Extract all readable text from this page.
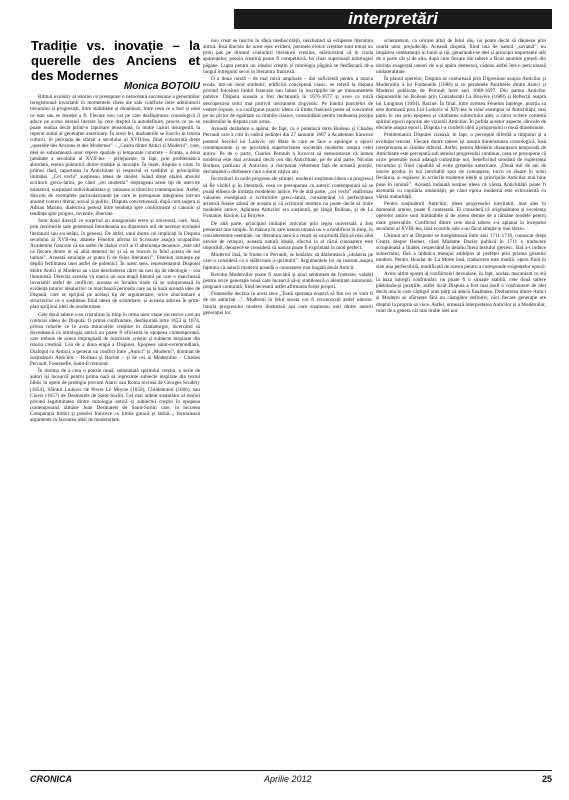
interpretări
Tradiție vs. inovație – la querelle des Anciens et des Modernes
Monica BOȚOIU

Ritmul evolutiv al istoriei ce presupune o neîncetată succesiune a generațiilor înregistrează invariabil în momentele cheie ale sale conflicte între admiratorii trecutului și progresiști, între stabilitate și dinamism, între ceea ce a fost și ceea ce este sau se dorește a fi. Fiecare nou val pe care desfășurarea cronologică îl aduce pe scena istoriei literare își cere dreptul la autodefinire, proces ce nu se poate realiza decât printr-o raportare tensionată, în multe cazuri insurgentă, la reperul stabil al generației anterioare. În acest fel, dezbaterile se înscriu în istoria culturii, în perioada de sfârșit a secolului al XVII-lea, fiind consacrată drept „querelle des Anciens et des Modernes” – „Cearta dintre Antici și Moderni”, care, deși se subsumează unor repere spațiale și temporale concrete – Franța, a doua jumătate a secolului al XVII-lea – prilejuiește, în fapt, prin problematica abordată, eterna polemică dintre tradiție și inovație. În mare, disputa a vizat, în primul rând, raportarea la Antichitate și respectul ei tradiției și principiilor imitației. „Cei vechi” susțineau ideea de model, luând drept etalon absolut scriitorii greco-latini, pe când „cei moderni” respingeau acest tip de aservire mimetică, susținând individualitatea și valoarea scriitorilor contemporani. Astfel, dincolo de exemplele particularizante pe care le presupune integrarea într-un anumit context literar, social și politic, Disputa concretizează, după cum sugera și Adrian Marino, dialectica perenă între tendința spre conformism și canonic și tendința spre progres, inventie, libertate.

Sunt două direcții ce surprind un antagonism etern și universal, care, însă, prin resorturile sale generează întotdeauna un dinamism util de necesar evoluției literaturii sau societății, în general. De altfel, unul dintre cei implicați în Disputa secolului al XVII-lea, abatele Fénelon afirma în Scrisoare asupra ocupațiilor Academiei franceze că un astfel de război civil ar fi alternanța deoarece „este util ca fiecare dintre ei să aibă temeiul lor și să se bucure în felul acesta de noi lumini”. Această emulație ar putea fi de folos literaturii”. Fénelon intuiește pe deplin fertilitatea unei astfel de polemici. În acest sens, reprezentantul Disputei dintre Antici și Moderni au vizat deschiderea către un nou tip de ideologie – cea iluministă. Direcția aceasta va marca un nou etapă literară pe care o marchează invariabil astfel de conflicte, aceasta se încadra tinde că se soluționează în evidența tuturor idealurilor ce marchează perioada care au la bază această idee de Dispută, care se sprijină pe același tip de argumentare, orice zbuciumare a structurilor ce o susțineau fiind ideea de schimbare, și aceasta aducea în prim-plan sprijinul ideii de modernitate.

Cele două tabere s-au cristalizat în timp în urma unor etape succesive care au conturat ideea de Dispută. O primă confruntare, desfășurată între 1653 și 1674, privea rolurile ce le avea miracolele creștine în dramaturgie, încercând să dovedească că mitologia antică nu poate fi eficientă în epopeea contemporană, care trebuie de aceea impregnată de misticism creștin și subiecte inspirate din istoria creștină. Cea de a doua etapă a Disputei, Epopeea saint-evremondiană, Dialogul cu Anticii, a generat un conflict între „Antici” și „Moderni”, dominat de susținătorii Anticilor – Boileau și Racine – și de cei ai Modernilor – Charles Perrault, Fontenelle, Saint-Evremond.

În dorința de a crea o poezie nouă, subsumată spiritului creștin, o serie de autori își încearcă pentru prima oară să reprezinte subiecte inspirate din textul biblic în opere de prestigiu precum Alaric sau Roma învinsă de Georges Scudéry (1654), Sfântul Ludovic de Pierre Le Moyne (1658), Childebrand (1666), sau Clovis (1657) de Desmarets de Saint-Sorlin. Cel mai ardent susținător al teoriei privind legitimitatea dintre mitologia antică și subiectul creștin în epopeea contemporană rămâne Jean Desmarets de Saint-Sorlin care, în lucrarea Comparația limbii și poeziei franceze cu limba greacă și latină..., formulează argumente în favoarea ideii de modernitate.

nou creat se înscriu în sfera mediocrității, neizbutind să eclipseze literatura antică. Însă dincolo de acest eșec evident, poemele eroice creștine sunt totuși un prim pas pe drumul conturării literaturii creștine, mărturisind că în ciuda aparențelor, poezia creștină poate fi competitivă, ba chiar superioară mitologiei păgâne. Lupta pentru un idealul creștin și mitologia păgână se desfășoară de-a lungul întregului secol în literatura franceză.

O a doua rundă – de mai mică amploare – dar suficientă pentru a marca eroda, într-un mod simbolic, edificiul conceptual clasic, se referă la disputa privind folosirea limbii franceze sau latine în inscripțiile de pe monumentele publice. Disputa aceasta a fost declanșată în 1676-1677 și avea ca miză descoperirea celui mai potrivit instrument lingvistic. Pe fondul punctelor de vedere expuse, s-a configurat practic ideea că limba franceză putea să concureze pe un picior de egalitate cu limbile clasice, consolidând pentru totdeauna poziția modernilor în disputa care urma.

Această dezbatere a apărut, de fapt, ca o polemică între Boileau și Charles Perrault care a citit în cadrul ședinței din 27 ianuarie 1687 a Academiei franceze poemul Secolul lui Ludovic cel Mare în care se face o apologie a epocii contemporane și se proclamă superioritatea societății moderne asupra celei antice. Pe de o parte, Charles Perrault a încercat să demonstreze că lumea modernă este mai avansată decât cea din Antichitate, pe de altă parte, Nicolas Boileau, partizan al Anticilor, a reacționat vehement față de această poziție, declanșând o dezbatere care a durat câțiva ani.

Încrezători în noile progrese ale științei, moderni susțineau ideea ca progresul să fie vizibil și în literatură, ceea ce presupunea ca autorii contemporani să se poată elibera de imitația modelelor antice. Pe de altă parte, „cei vechi” reafirmau valoarea exemplară a scriitorilor greco-latini, considerând că perfecțiunea artistică fusese atinsă de aceștia și că scriitorul modern nu poate decât să imite modelele antice. Apărarea Anticilor era susținută, pe lângă Boileau, și de La Fontaine, Racine, La Bruyère.

De altă parte, principiul imitației articulat prin legea universală a fost prezentat mai simplu. În măsura în care natura umană nu s-a modificat în timp, în considerentele esențiale, iar literatura antică a reușit să surprindă fără să mai aibă nevoie de retușuri, această natură ideală, efectul la al cărui cunoaștere este imposibil, deoarece se consideră că natura poate fi exprimată în mod perfect.

Modernii însă, în frunte cu Perrault, se hotărăsc să dărâmească „idolatria pe care o consideră ca o slăbiciune a spiritului”. Argumentele lor au insistat asupra faptului că autorii moderni posedă o cunoaștere mai bogată decât Anticii.

Revolta Modernilor poate fi asociată și unui sentiment de frustrare, valabil pentru orice generație nouă care încearcă să-și stabilească o identitate autonomă, pregnant conturată, fiind necesară astfel afirmarea forței proprii.

Fontenelle declara în acest sens „Toată speranța noastră să fim cei ce vom fi de tot admirați ..”. Modernii în felul acesta vor fi recunoscuți astfel ulterior. Istoria progresului modern ilustrează așa cum susțineau unii dintre autorii generației lor.

schematism, ca oricare altul de felul său, nu poate decât să dăuneze prin cearta unor prejudecăți. Această dispută, fiind una de natură „savantă”, nu împărtea combatanții în bunii și răi, generându-se idei și principii importante atât de o parte cât și de alta, după cum fiecare din tabere a făcut anumite greșeli din dorința exagerată uneori de a-și apăra demersul, cădeau astfel într-o periculoasă unilateralitate.

În planul operelor, Disputa se conturează prin Digresiune asupra Anticilor și Modernilor a lui Fontenelle (1688) și ce paralelele Paralelele dintre Antici și Moderni publicate de Perrault între anii 1688-1697. Din partea Anticilor răspunsurile lui Boileau prin Considerații La Bruyère (1688) și Reflecții asupra lui Longinus (1694), Racine. În final, între acestea Fénelon înțelege, poziția sa este dominată prin Lui Ludovic al XIV-lea la rolul exemplar al Antichității, mai puțin în cea prin epopeea și vitalitatea subiectului ales, a căror scriere contestă spiritul epocii epocale ale viziunii Anticilor. În pofida acestor aspecte, dincolo de efectele asupra epocii, Disputa i-a conferit ideii a progresului o nouă dimensiune.

Problematica Disputei vizează, în fapt, o percepție diferită a timpului și a evoluției istoriei. Fiecare dintre tabere își asumă dimensiunea cronologică, însă interpretarea ei rămâne diferită. Astfel, pentru Moderni distanțarea temporală de Antichitate este percepută sub semnul progresului continuu, ceea ce presupune că orice generație nouă adaugă cunoștințe noi, beneficiind totodată de experiența trecutului și fiind capabilă să evite greșelile anterioare. „Două mii de ani de istorie produc în noi inevitabil spor de cunoaștere, lucru ce răsare în ochii fiecăruia, și regăsesc în scrierile moderne ideile și principiile Anticilor mai bine puse în lumină”. Această îndoială susține ideea că vârsta Antichității poate fi asemuită cu copilăria umanității, pe când epoca modernă este echivalentă cu vârsta maturității.

Pentru susținătorii Anticilor, ideea progresului inevitabil, mai ales în domeniul artelor, poate fi contestată. Ei consideră că originalitatea și excelența operelor antice sunt inimitabile și de aceea demne de a rămâne modele pentru toate generațiile. Conflictul dintre cele două tabere s-a aplanat la începutul secolului al XVIII-lea, însă ecourile sale s-au făcut simțite și mai târziu.

Ultimul act al Disputei se înregistrează între anii 1711-1716, cunoscut drept Cearta despre Homer, când Madame Dacier publică în 1711 o traducere scrupuloasă a Iliadei, respectând în detaliu litera textului grecesc, fără a-l induce subiectului, fără a îmbrăca mesajul ambițios al prefeței prin prisma gustului modern. Pentru Houdar de La Motte însă, traducerea este inutilă, opera fiind în sine una perfectibilă, modificată de acesta pentru a corespunde exigențelor epocii.

Acest ultim spasm al conflictului devoalase, în fapt, acelasi mecanism ce stă la baza întregii confruntări: nu poate fi o situație stabilă, cele două tabere păstrându-și pozițiile, astfel încât Disputa a fost mai mult o confruntare de idei decât una în care câștigul unei părți să aducă finalitatea. Dezbaterea dintre Antici și Moderni se sfârșește fără un câștigător definitiv, căci fiecare generație are dreptul la propria sa voce. Astfel, urmează interpretarea Anticilor și a Modernilor, rolul de a genera cât mai multe idei noi.

CRONICA	Aprilie 2012	25
